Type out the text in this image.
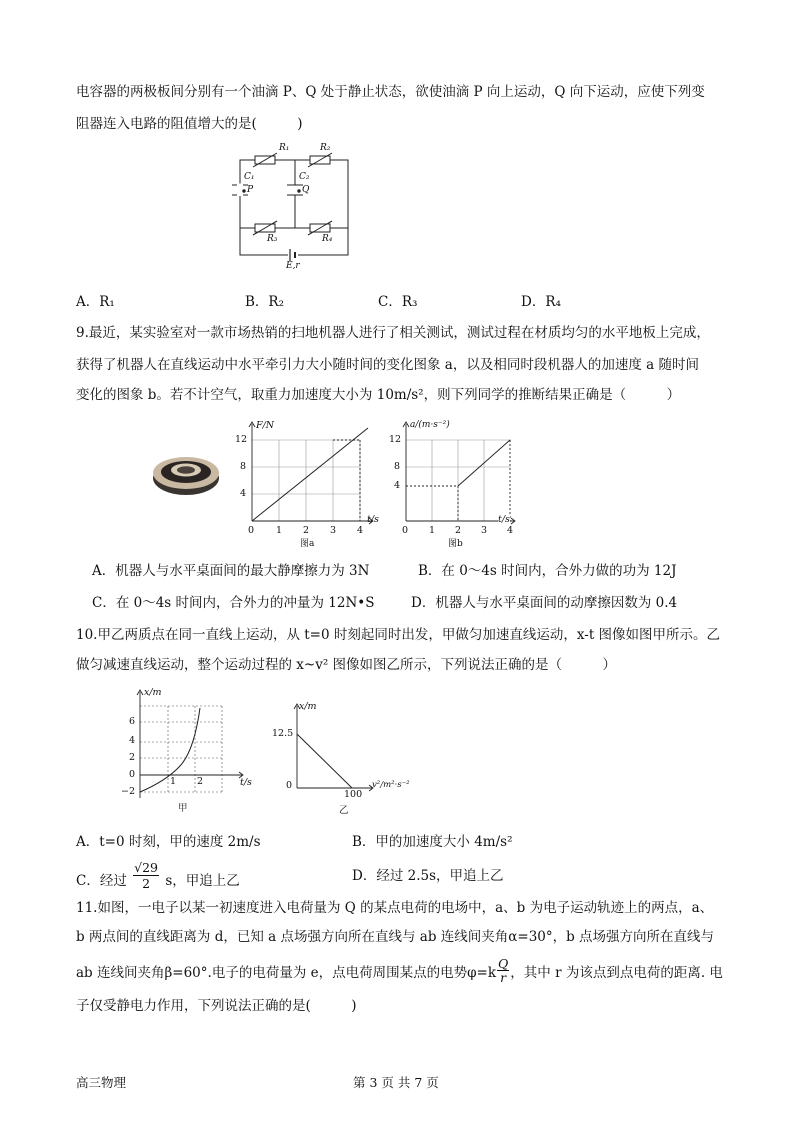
电容器的两极板间分别有一个油滴 P、Q 处于静止状态，欲使油滴 P 向上运动，Q 向下运动，应使下列变
阻器连入电路的阻值增大的是(　　　)
R₁	R₂
R₃	R₄
C₁	C₂
P	Q
E,r
A．R₁	B．R₂	C．R₃	D．R₄
9.最近，某实验室对一款市场热销的扫地机器人进行了相关测试，测试过程在材质均匀的水平地板上完成，
获得了机器人在直线运动中水平牵引力大小随时间的变化图象 a，以及相同时段机器人的加速度 a 随时间
变化的图象 b。若不计空气，取重力加速度大小为 10m/s²，则下列同学的推断结果正确是（　　　）
F/N
12
8
4
0 1 2 3 4
t/s
图a
a/(m·s⁻²)
12
8
4
0 1 2 3 4
t/s
图b
A．机器人与水平桌面间的最大静摩擦力为 3N	B．在 0～4s 时间内，合外力做的功为 12J
C．在 0～4s 时间内，合外力的冲量为 12N•S	D．机器人与水平桌面间的动摩擦因数为 0.4
10.甲乙两质点在同一直线上运动，从 t=0 时刻起同时出发，甲做匀加速直线运动，x-t 图像如图甲所示。乙
做匀减速直线运动，整个运动过程的 x~v² 图像如图乙所示，下列说法正确的是（　　　）
x/m
6
4
2
0
−2
1 2	t/s
甲
x/m
12.5
0
100
v²/m²·s⁻²
乙
A．t=0 时刻，甲的速度 2m/s	B．甲的加速度大小 4m/s²
C．经过 $\frac{√29}{2}$ s，甲追上乙	D．经过 2.5s，甲追上乙
11.如图，一电子以某一初速度进入电荷量为 Q 的某点电荷的电场中，a、b 为电子运动轨迹上的两点，a、
b 两点间的直线距离为 d，已知 a 点场强方向所在直线与 ab 连线间夹角α=30°，b 点场强方向所在直线与
ab 连线间夹角β=60°.电子的电荷量为 e，点电荷周围某点的电势$\varphi=k \frac{Q}{r}$ ，其中 r 为该点到点电荷的距离. 电
子仅受静电力作用，下列说法正确的是(　　　)
高三物理	第 3 页 共 7 页
